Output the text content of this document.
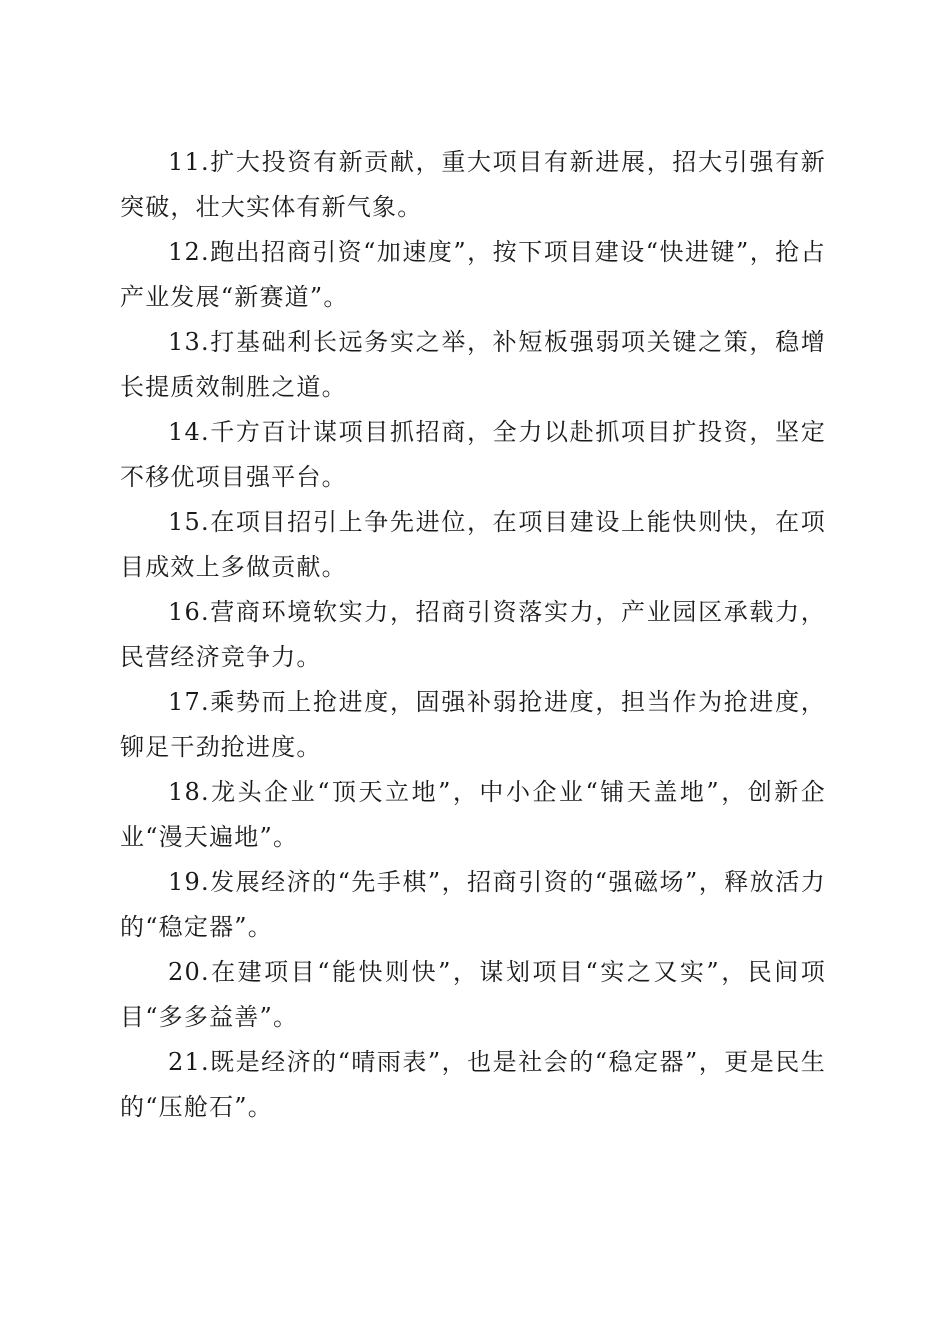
11.扩大投资有新贡献，重大项目有新进展，招大引强有新突破，壮大实体有新气象。

12.跑出招商引资“加速度”，按下项目建设“快进键”，抢占产业发展“新赛道”。

13.打基础利长远务实之举，补短板强弱项关键之策，稳增长提质效制胜之道。

14.千方百计谋项目抓招商，全力以赴抓项目扩投资，坚定不移优项目强平台。

15.在项目招引上争先进位，在项目建设上能快则快，在项目成效上多做贡献。

16.营商环境软实力，招商引资落实力，产业园区承载力，民营经济竞争力。

17.乘势而上抢进度，固强补弱抢进度，担当作为抢进度，铆足干劲抢进度。

18.龙头企业“顶天立地”，中小企业“铺天盖地”，创新企业“漫天遍地”。

19.发展经济的“先手棋”，招商引资的“强磁场”，释放活力的“稳定器”。

20.在建项目“能快则快”，谋划项目“实之又实”，民间项目“多多益善”。

21.既是经济的“晴雨表”，也是社会的“稳定器”，更是民生的“压舱石”。
